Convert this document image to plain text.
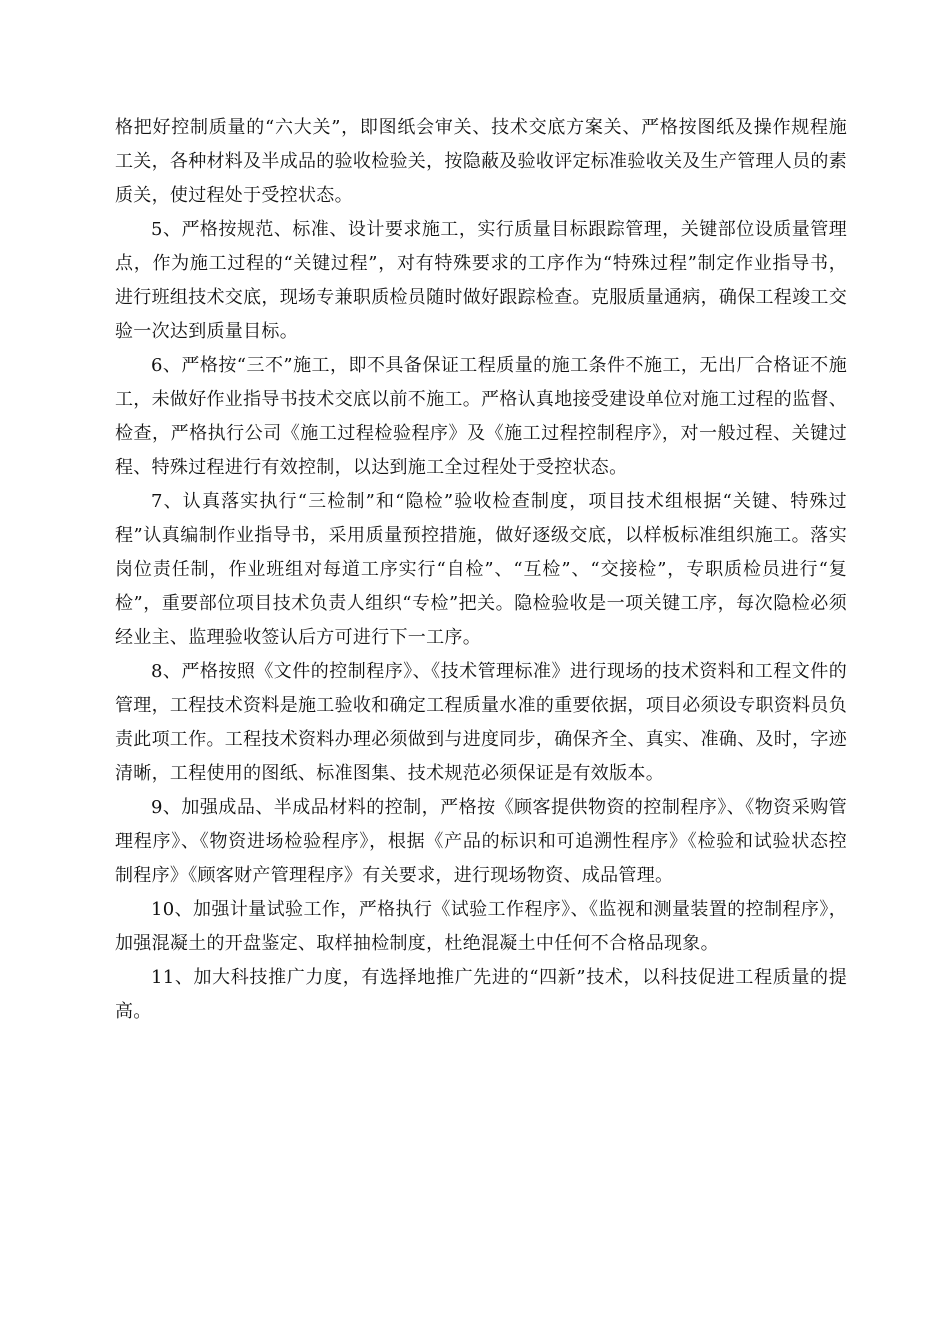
格把好控制质量的“六大关”，即图纸会审关、技术交底方案关、严格按图纸及操作规程施工关，各种材料及半成品的验收检验关，按隐蔽及验收评定标准验收关及生产管理人员的素质关，使过程处于受控状态。

5、严格按规范、标准、设计要求施工，实行质量目标跟踪管理，关键部位设质量管理点，作为施工过程的“关键过程”，对有特殊要求的工序作为“特殊过程”制定作业指导书，进行班组技术交底，现场专兼职质检员随时做好跟踪检查。克服质量通病，确保工程竣工交验一次达到质量目标。

6、严格按“三不”施工，即不具备保证工程质量的施工条件不施工，无出厂合格证不施工，未做好作业指导书技术交底以前不施工。严格认真地接受建设单位对施工过程的监督、检查，严格执行公司《施工过程检验程序》及《施工过程控制程序》，对一般过程、关键过程、特殊过程进行有效控制，以达到施工全过程处于受控状态。

7、认真落实执行“三检制”和“隐检”验收检查制度，项目技术组根据“关键、特殊过程”认真编制作业指导书，采用质量预控措施，做好逐级交底，以样板标准组织施工。落实岗位责任制，作业班组对每道工序实行“自检”、“互检”、“交接检”，专职质检员进行“复检”，重要部位项目技术负责人组织“专检”把关。隐检验收是一项关键工序，每次隐检必须经业主、监理验收签认后方可进行下一工序。

8、严格按照《文件的控制程序》、《技术管理标准》进行现场的技术资料和工程文件的管理，工程技术资料是施工验收和确定工程质量水准的重要依据，项目必须设专职资料员负责此项工作。工程技术资料办理必须做到与进度同步，确保齐全、真实、准确、及时，字迹清晰，工程使用的图纸、标准图集、技术规范必须保证是有效版本。

9、加强成品、半成品材料的控制，严格按《顾客提供物资的控制程序》、《物资采购管理程序》、《物资进场检验程序》，根据《产品的标识和可追溯性程序》《检验和试验状态控制程序》《顾客财产管理程序》有关要求，进行现场物资、成品管理。

10、加强计量试验工作，严格执行《试验工作程序》、《监视和测量装置的控制程序》，加强混凝土的开盘鉴定、取样抽检制度，杜绝混凝土中任何不合格品现象。

11、加大科技推广力度，有选择地推广先进的“四新”技术，以科技促进工程质量的提高。
